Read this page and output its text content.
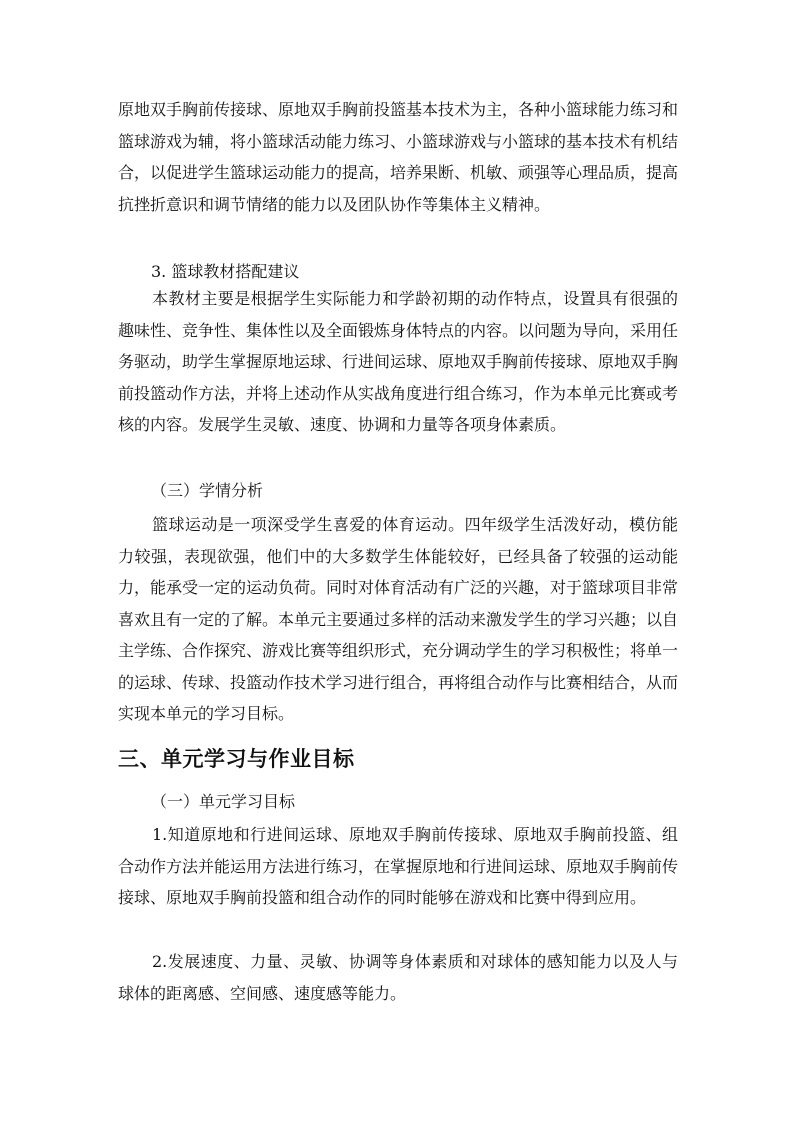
原地双手胸前传接球、原地双手胸前投篮基本技术为主，各种小篮球能力练习和篮球游戏为辅，将小篮球活动能力练习、小篮球游戏与小篮球的基本技术有机结合，以促进学生篮球运动能力的提高，培养果断、机敏、顽强等心理品质，提高抗挫折意识和调节情绪的能力以及团队协作等集体主义精神。

3. 篮球教材搭配建议

本教材主要是根据学生实际能力和学龄初期的动作特点，设置具有很强的趣味性、竞争性、集体性以及全面锻炼身体特点的内容。以问题为导向，采用任务驱动，助学生掌握原地运球、行进间运球、原地双手胸前传接球、原地双手胸前投篮动作方法，并将上述动作从实战角度进行组合练习，作为本单元比赛或考核的内容。发展学生灵敏、速度、协调和力量等各项身体素质。

（三）学情分析

篮球运动是一项深受学生喜爱的体育运动。四年级学生活泼好动，模仿能力较强，表现欲强，他们中的大多数学生体能较好，已经具备了较强的运动能力，能承受一定的运动负荷。同时对体育活动有广泛的兴趣，对于篮球项目非常喜欢且有一定的了解。本单元主要通过多样的活动来激发学生的学习兴趣；以自主学练、合作探究、游戏比赛等组织形式，充分调动学生的学习积极性；将单一的运球、传球、投篮动作技术学习进行组合，再将组合动作与比赛相结合，从而实现本单元的学习目标。

三、单元学习与作业目标

（一）单元学习目标

1.知道原地和行进间运球、原地双手胸前传接球、原地双手胸前投篮、组合动作方法并能运用方法进行练习，在掌握原地和行进间运球、原地双手胸前传接球、原地双手胸前投篮和组合动作的同时能够在游戏和比赛中得到应用。

2.发展速度、力量、灵敏、协调等身体素质和对球体的感知能力以及人与球体的距离感、空间感、速度感等能力。
